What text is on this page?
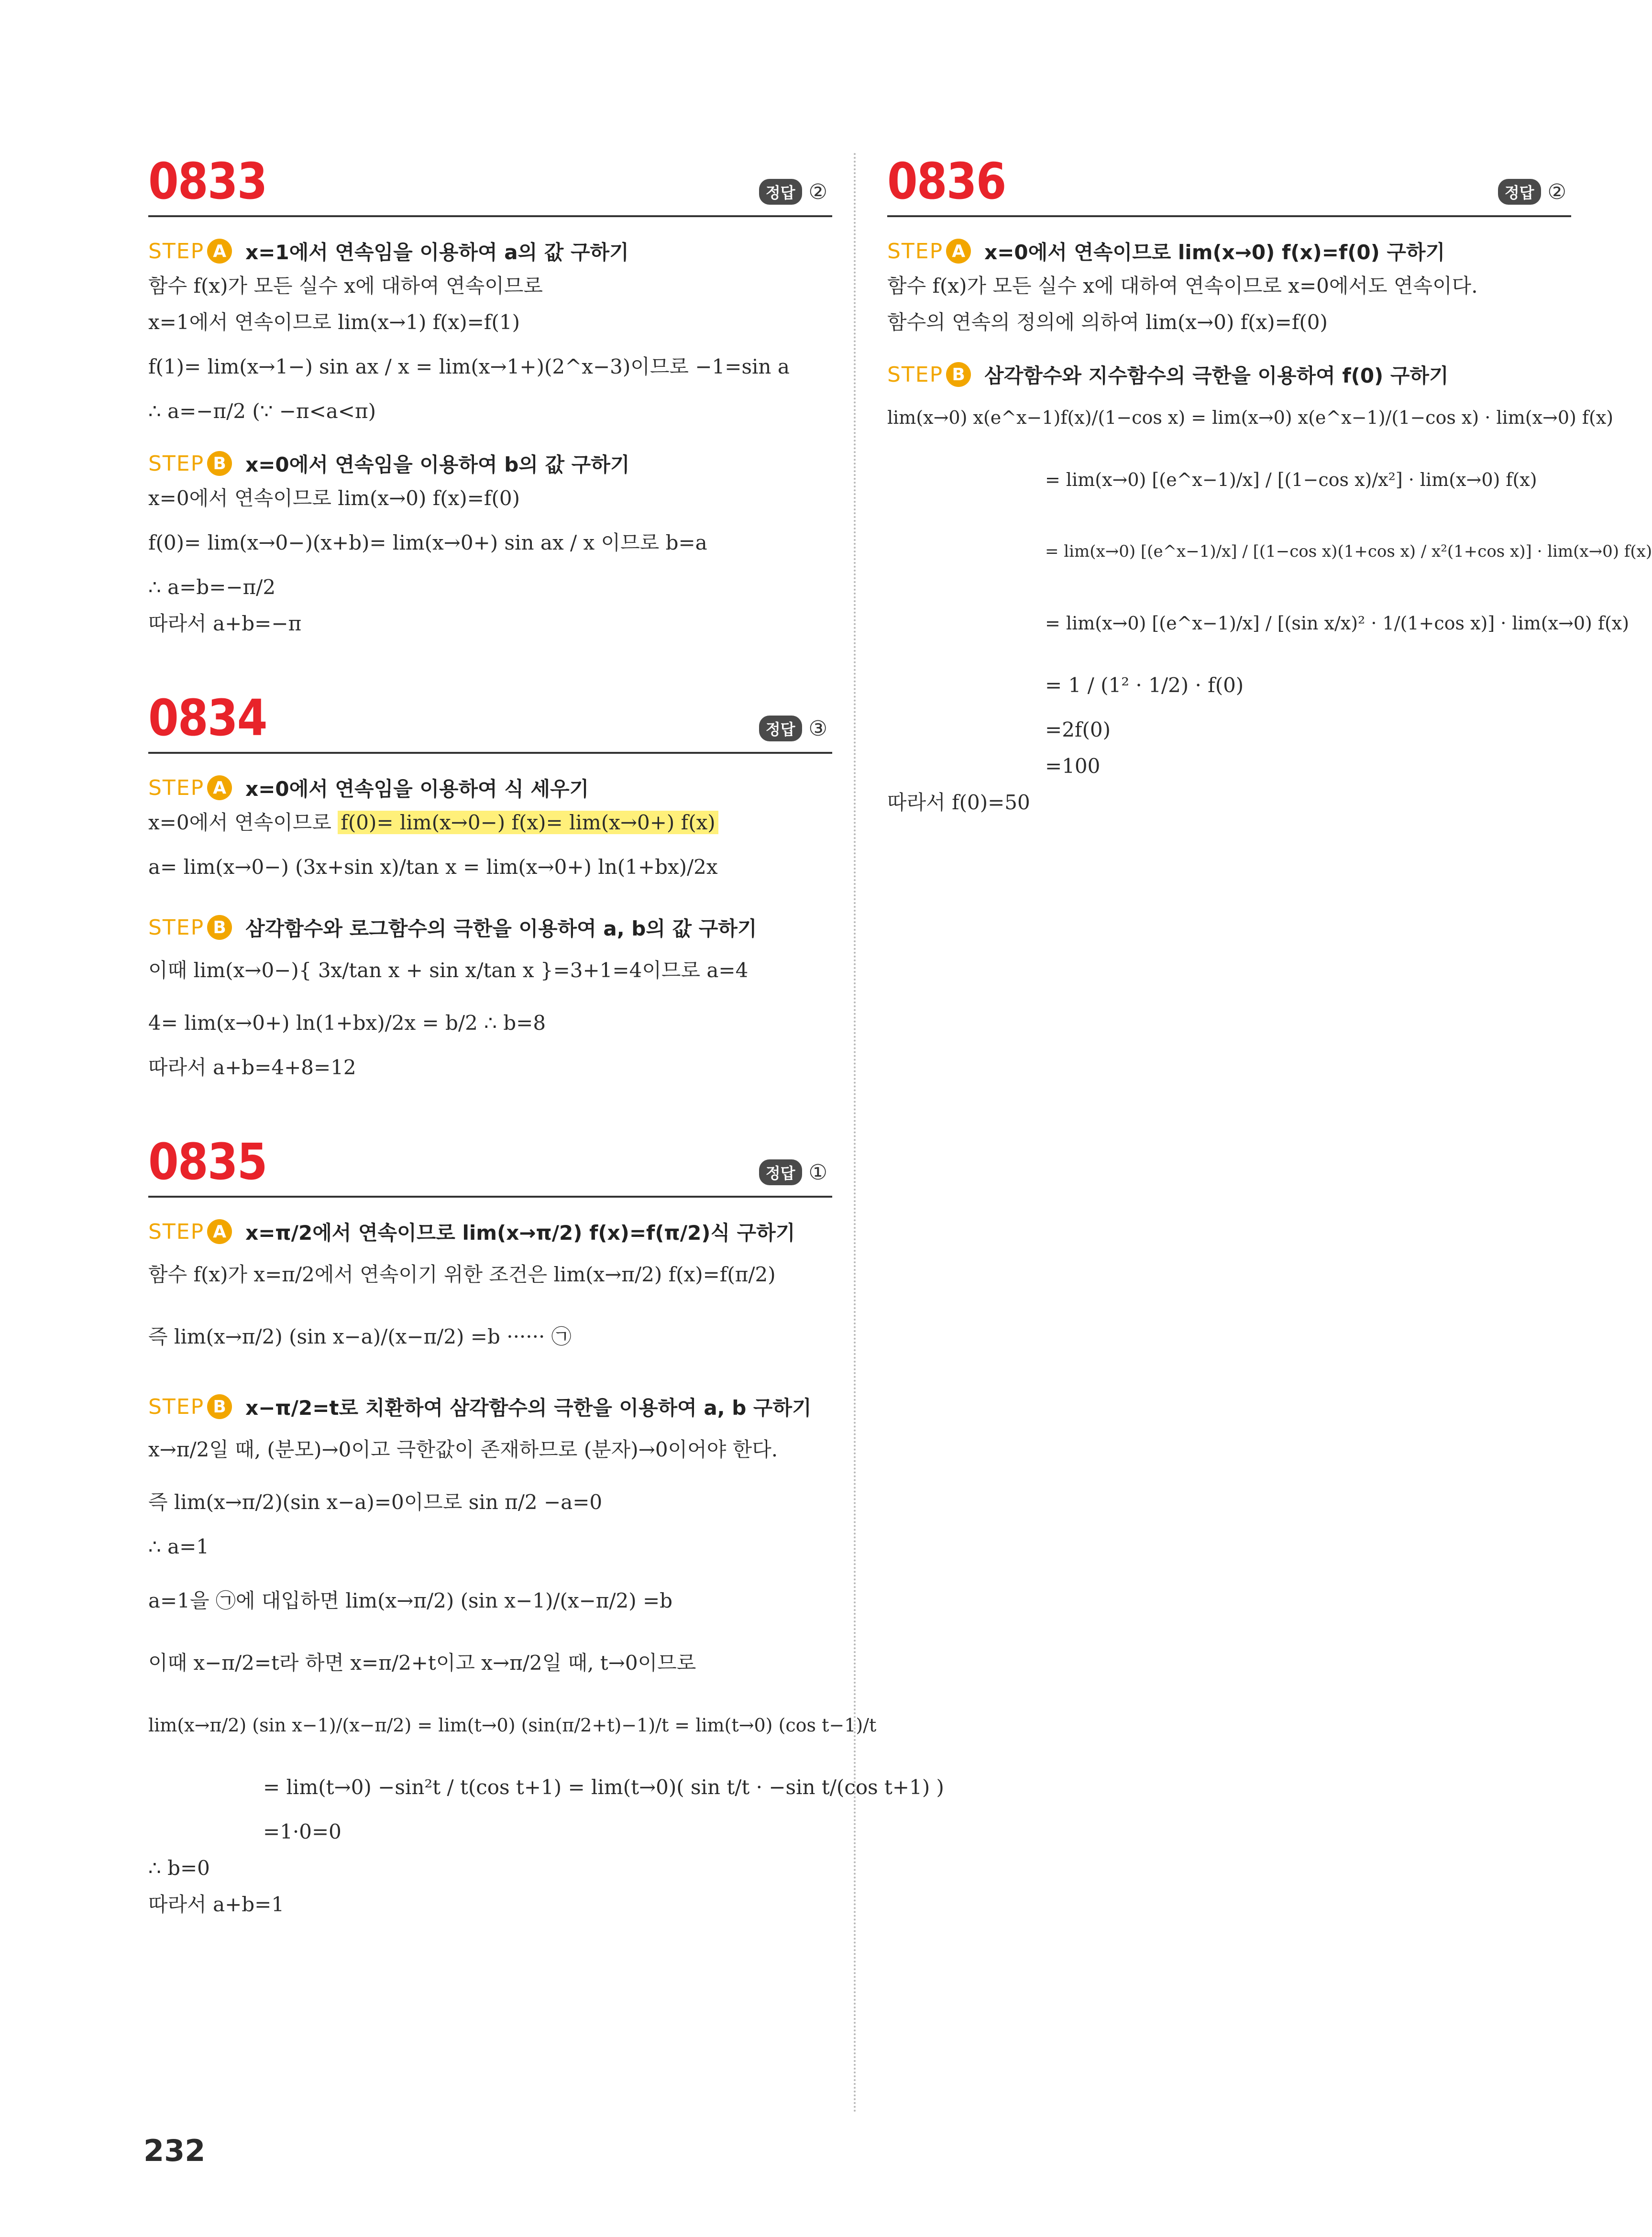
0833	정답 ②
STEP A x=1에서 연속임을 이용하여 a의 값 구하기
함수 f(x)가 모든 실수 x에 대하여 연속이므로
x=1에서 연속이므로 lim(x→1) f(x)=f(1)
f(1)= lim(x→1−) sin ax / x = lim(x→1+)(2^x−3)이므로 −1=sin a
∴ a=−π/2 (∵ −π<a<π)
STEP B x=0에서 연속임을 이용하여 b의 값 구하기
x=0에서 연속이므로 lim(x→0) f(x)=f(0)
f(0)= lim(x→0−)(x+b)= lim(x→0+) sin ax / x 이므로 b=a
∴ a=b=−π/2
따라서 a+b=−π
0834	정답 ③
STEP A x=0에서 연속임을 이용하여 식 세우기
x=0에서 연속이므로 f(0)= lim(x→0−) f(x)= lim(x→0+) f(x)
a= lim(x→0−) (3x+sin x)/tan x = lim(x→0+) ln(1+bx)/2x
STEP B 삼각함수와 로그함수의 극한을 이용하여 a, b의 값 구하기
이때 lim(x→0−){ 3x/tan x + sin x/tan x }=3+1=4이므로 a=4
4= lim(x→0+) ln(1+bx)/2x = b/2 ∴ b=8
따라서 a+b=4+8=12
0835	정답 ①
STEP A x=π/2에서 연속이므로 lim(x→π/2) f(x)=f(π/2)식 구하기
함수 f(x)가 x=π/2에서 연속이기 위한 조건은 lim(x→π/2) f(x)=f(π/2)
즉 lim(x→π/2) (sin x−a)/(x−π/2) =b ······ ㉠
STEP B x−π/2=t로 치환하여 삼각함수의 극한을 이용하여 a, b 구하기
x→π/2일 때, (분모)→0이고 극한값이 존재하므로 (분자)→0이어야 한다.
즉 lim(x→π/2)(sin x−a)=0이므로 sin π/2 −a=0
∴ a=1
a=1을 ㉠에 대입하면 lim(x→π/2) (sin x−1)/(x−π/2) =b
이때 x−π/2=t라 하면 x=π/2+t이고 x→π/2일 때, t→0이므로
lim(x→π/2) (sin x−1)/(x−π/2) = lim(t→0) (sin(π/2+t)−1)/t = lim(t→0) (cos t−1)/t
= lim(t→0) −sin²t / t(cos t+1) = lim(t→0)( sin t/t · −sin t/(cos t+1) )
=1·0=0
∴ b=0
따라서 a+b=1
0836	정답 ②
STEP A x=0에서 연속이므로 lim(x→0) f(x)=f(0) 구하기
함수 f(x)가 모든 실수 x에 대하여 연속이므로 x=0에서도 연속이다.
함수의 연속의 정의에 의하여 lim(x→0) f(x)=f(0)
STEP B 삼각함수와 지수함수의 극한을 이용하여 f(0) 구하기
lim(x→0) x(e^x−1)f(x)/(1−cos x) = lim(x→0) x(e^x−1)/(1−cos x) · lim(x→0) f(x)
= lim(x→0) [(e^x−1)/x] / [(1−cos x)/x²] · lim(x→0) f(x)
= lim(x→0) [(e^x−1)/x] / [(1−cos x)(1+cos x) / x²(1+cos x)] · lim(x→0) f(x)
= lim(x→0) [(e^x−1)/x] / [(sin x/x)² · 1/(1+cos x)] · lim(x→0) f(x)
= 1 / (1² · 1/2) · f(0)
=2f(0)
=100
따라서 f(0)=50
232
